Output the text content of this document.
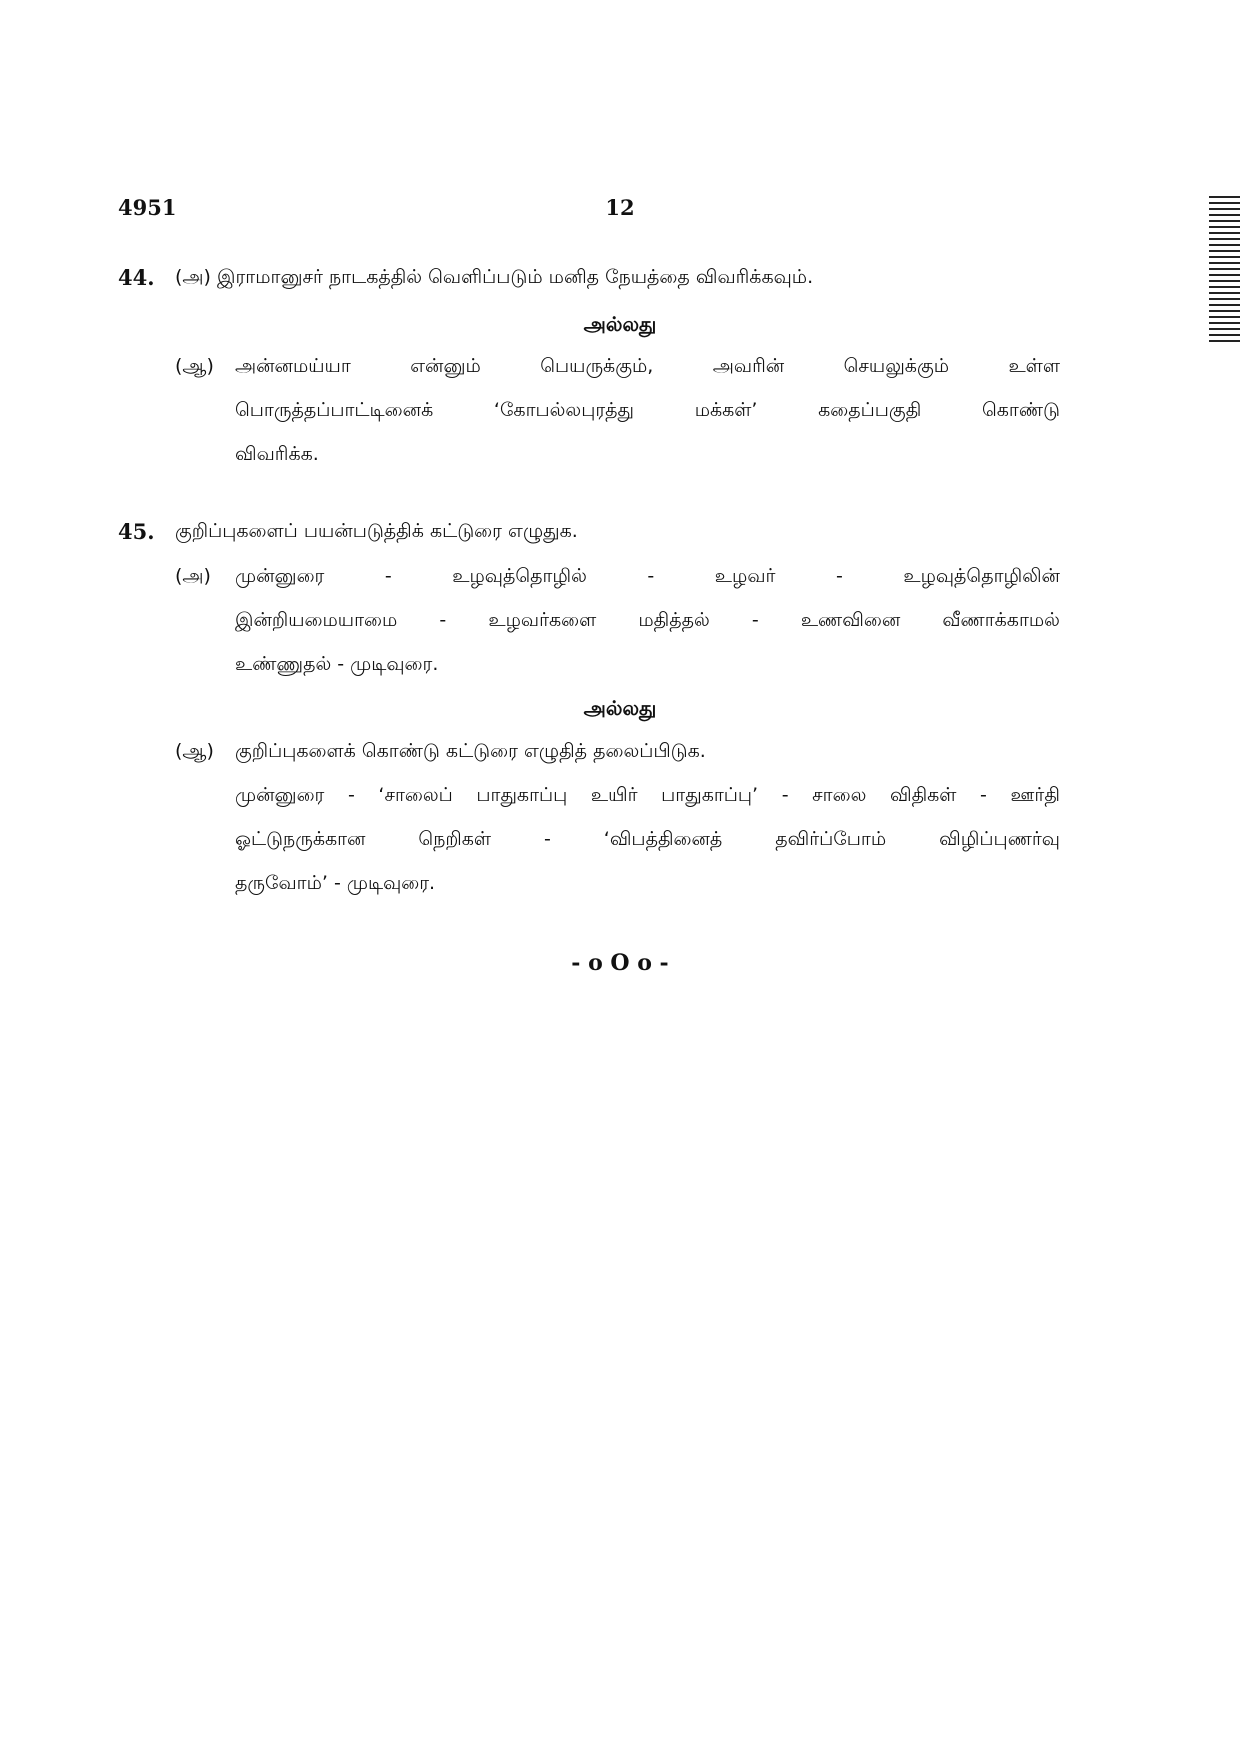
4951	12
44. (அ) இராமானுசர் நாடகத்தில் வெளிப்படும் மனித நேயத்தை விவரிக்கவும்.
அல்லது
(ஆ) அன்னமய்யா	என்னும்	பெயருக்கும்,	அவரின்	செயலுக்கும்	உள்ள
பொருத்தப்பாட்டினைக்	‘கோபல்லபுரத்து	மக்கள்’	கதைப்பகுதி	கொண்டு
விவரிக்க.
45. குறிப்புகளைப் பயன்படுத்திக் கட்டுரை எழுதுக.
(அ) முன்னுரை	-	உழவுத்தொழில்	-	உழவர்	-	உழவுத்தொழிலின்
இன்றியமையாமை - உழவர்களை மதித்தல் - உணவினை வீணாக்காமல்
உண்ணுதல் - முடிவுரை.
அல்லது
(ஆ) குறிப்புகளைக் கொண்டு கட்டுரை எழுதித் தலைப்பிடுக.
முன்னுரை - ‘சாலைப் பாதுகாப்பு உயிர் பாதுகாப்பு’ - சாலை விதிகள் - ஊர்தி
ஓட்டுநருக்கான	நெறிகள்	-	‘விபத்தினைத்	தவிர்ப்போம்	விழிப்புணர்வு
தருவோம்’ - முடிவுரை.
- o O o -
